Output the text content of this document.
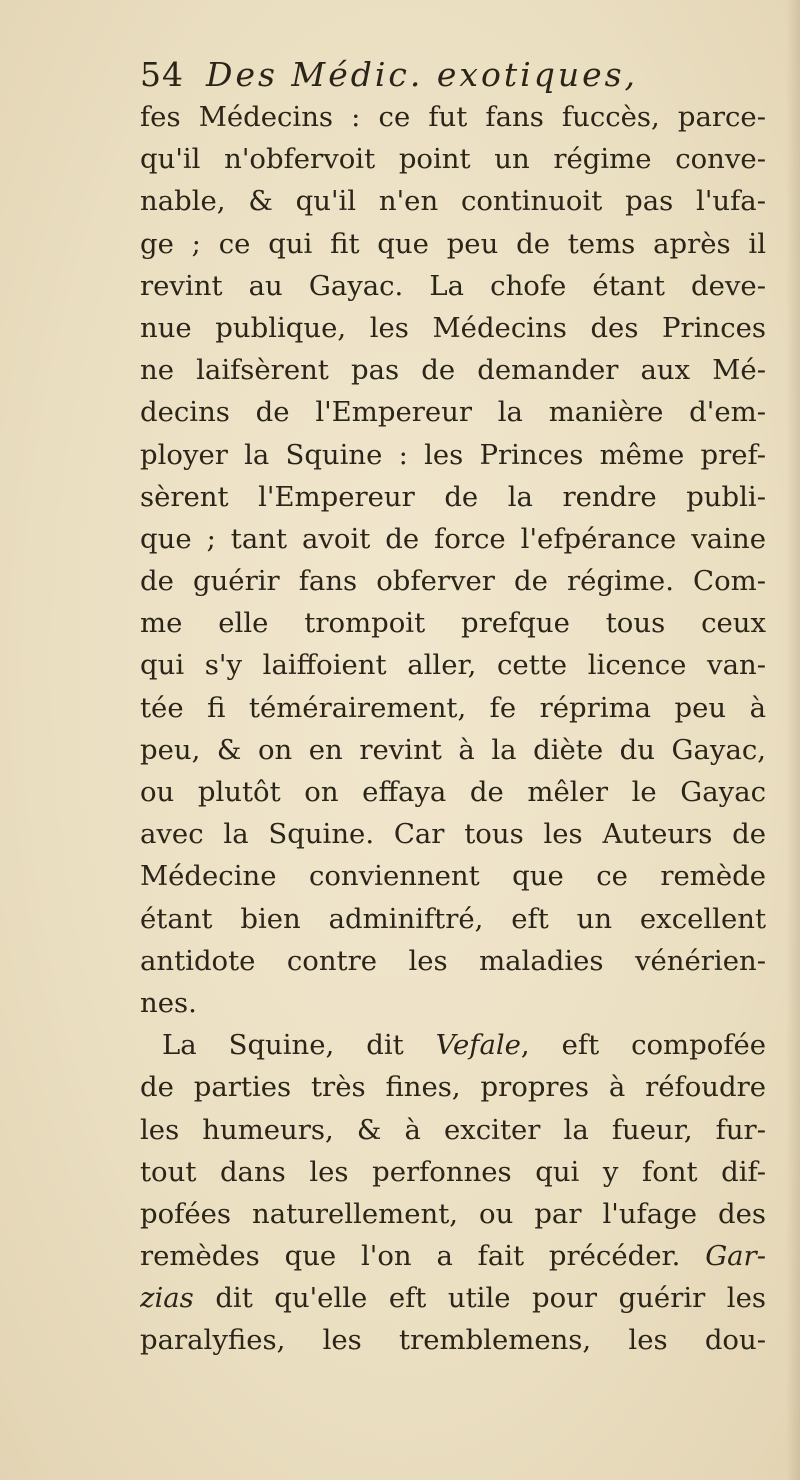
54 Des Médic. exotiques,
fes Médecins : ce fut fans fuccès, parce-
qu'il n'obfervoit point un régime conve-
nable, & qu'il n'en continuoit pas l'ufa-
ge ; ce qui fit que peu de tems après il
revint au Gayac. La chofe étant deve-
nue publique, les Médecins des Princes
ne laifsèrent pas de demander aux Mé-
decins de l'Empereur la manière d'em-
ployer la Squine : les Princes même pref-
sèrent l'Empereur de la rendre publi-
que ; tant avoit de force l'efpérance vaine
de guérir fans obferver de régime. Com-
me elle trompoit prefque tous ceux
qui s'y laiffoient aller, cette licence van-
tée fi témérairement, fe réprima peu à
peu, & on en revint à la diète du Gayac,
ou plutôt on effaya de mêler le Gayac
avec la Squine. Car tous les Auteurs de
Médecine conviennent que ce remède
étant bien adminiftré, eft un excellent
antidote contre les maladies vénérien-
nes.
La Squine, dit Vefale, eft compofée
de parties très fines, propres à réfoudre
les humeurs, & à exciter la fueur, fur-
tout dans les perfonnes qui y font dif-
pofées naturellement, ou par l'ufage des
remèdes que l'on a fait précéder. Gar-
zias dit qu'elle eft utile pour guérir les
paralyfies, les tremblemens, les dou-
